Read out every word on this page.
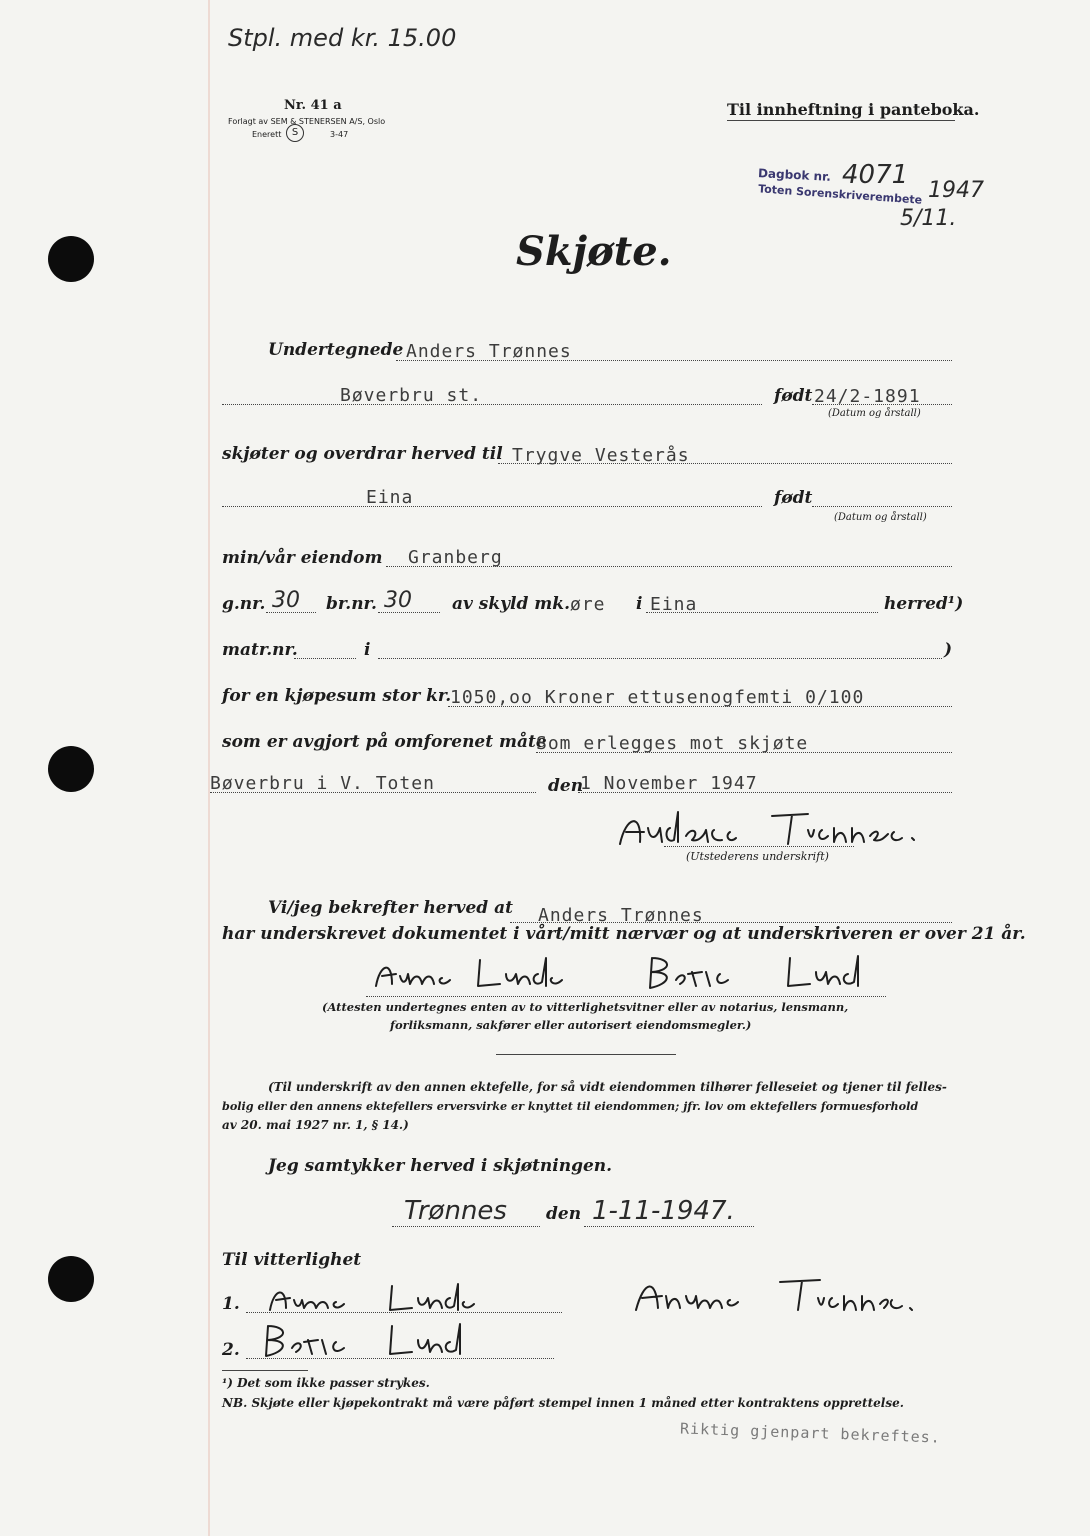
Stpl. med kr. 15.00
Nr. 41 a
Forlagt av SEM & STENERSEN A/S, Oslo
Enerett	S	3-47
Til innheftning i panteboka.
Dagbok nr. 4071
1947
Toten Sorenskriverembete
5/11.
Skjøte.
Undertegnede Anders Trønnes
Bøverbru st.	født 24/2-1891
(Datum og årstall)
skjøter og overdrar herved til Trygve Vesterås
Eina	født
(Datum og årstall)
min/vår eiendom Granberg
g.nr. 30 br.nr. 30 av skyld mk. øre i Eina	herred¹)
matr.nr.	i	)
for en kjøpesum stor kr.
1050,oo Kroner ettusenogfemti 0/100
som er avgjort på omforenet måte
Som erlegges mot skjøte
Bøverbru i V. Toten	den
1 November 1947
(Utstederens underskrift)
Vi/jeg bekrefter herved at Anders Trønnes
har underskrevet dokumentet i vårt/mitt nærvær og at underskriveren er over 21 år.
(Attesten undertegnes enten av to vitterlighetsvitner eller av notarius, lensmann,
forliksmann, sakfører eller autorisert eiendomsmegler.)
(Til underskrift av den annen ektefelle, for så vidt eiendommen tilhører felleseiet og tjener til felles-
bolig eller den annens ektefellers erversvirke er knyttet til eiendommen; jfr. lov om ektefellers formuesforhold
av 20. mai 1927 nr. 1, § 14.)
Jeg samtykker herved i skjøtningen.
Trønnes den 1-11-1947.
Til vitterlighet
1.
2.
¹) Det som ikke passer strykes.
NB. Skjøte eller kjøpekontrakt må være påført stempel innen 1 måned etter kontraktens opprettelse.
Riktig gjenpart bekreftes.
